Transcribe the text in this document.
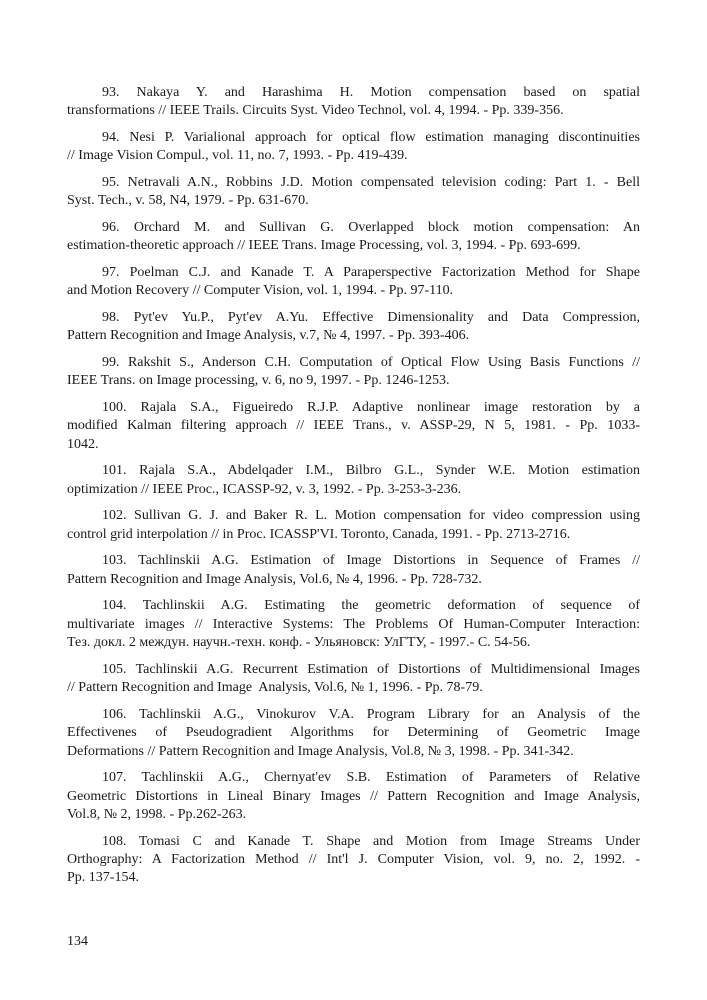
93. Nakaya Y. and Harashima H. Motion compensation based on spatial
transformations // IEEE Trails. Circuits Syst. Video Technol, vol. 4, 1994. - Pp. 339-356.
94. Nesi P. Varialional approach for optical flow estimation managing discontinuities
// Image Vision Compul., vol. 11, no. 7, 1993. - Pp. 419-439.
95. Netravali A.N., Robbins J.D. Motion compensated television coding: Part 1. - Bell
Syst. Tech., v. 58, N4, 1979. - Pp. 631-670.
96. Orchard M. and Sullivan G. Overlapped block motion compensation: An
estimation-theoretic approach // IEEE Trans. Image Processing, vol. 3, 1994. - Pp. 693-699.
97. Poelman C.J. and Kanade T. A Paraperspective Factorization Method for Shape
and Motion Recovery // Computer Vision, vol. 1, 1994. - Pp. 97-110.
98. Pyt'ev Yu.P., Pyt'ev A.Yu. Effective Dimensionality and Data Compression,
Pattern Recognition and Image Analysis, v.7, № 4, 1997. - Pp. 393-406.
99. Rakshit S., Anderson C.H. Computation of Optical Flow Using Basis Functions //
IEEE Trans. on Image processing, v. 6, no 9, 1997. - Pp. 1246-1253.
100. Rajala S.A., Figueiredo R.J.P. Adaptive nonlinear image restoration by a
modified Kalman filtering approach // IEEE Trans., v. ASSP-29, N 5, 1981. - Pp. 1033-
1042.
101. Rajala S.A., Abdelqader I.M., Bilbro G.L., Synder W.E. Motion estimation
optimization // IEEE Proc., ICASSP-92, v. 3, 1992. - Pp. 3-253-3-236.
102. Sullivan G. J. and Baker R. L. Motion compensation for video compression using
control grid interpolation // in Proc. ICASSP'VI. Toronto, Canada, 1991. - Pp. 2713-2716.
103. Tachlinskii A.G. Estimation of Image Distortions in Sequence of Frames //
Pattern Recognition and Image Analysis, Vol.6, № 4, 1996. - Pp. 728-732.
104. Tachlinskii A.G. Estimating the geometric deformation of sequence of
multivariate images // Interactive Systems: The Problems Of Human-Computer Interaction:
Тез. докл. 2 междун. научн.-техн. конф. - Ульяновск: УлГТУ, - 1997.- С. 54-56.
105. Tachlinskii A.G. Recurrent Estimation of Distortions of Multidimensional Images
// Pattern Recognition and Image  Analysis, Vol.6, № 1, 1996. - Pp. 78-79.
106. Tachlinskii A.G., Vinokurov V.A. Program Library for an Analysis of the
Effectivenes of Pseudogradient Algorithms for Determining of Geometric Image
Deformations // Pattern Recognition and Image Analysis, Vol.8, № 3, 1998. - Pp. 341-342.
107. Tachlinskii A.G., Chernyat'ev S.B. Estimation of Parameters of Relative
Geometric Distortions in Lineal Binary Images // Pattern Recognition and Image Analysis,
Vol.8, № 2, 1998. - Pp.262-263.
108. Tomasi C and Kanade T. Shape and Motion from Image Streams Under
Orthography: A Factorization Method // Int'l J. Computer Vision, vol. 9, no. 2, 1992. -
Pp. 137-154.
134
